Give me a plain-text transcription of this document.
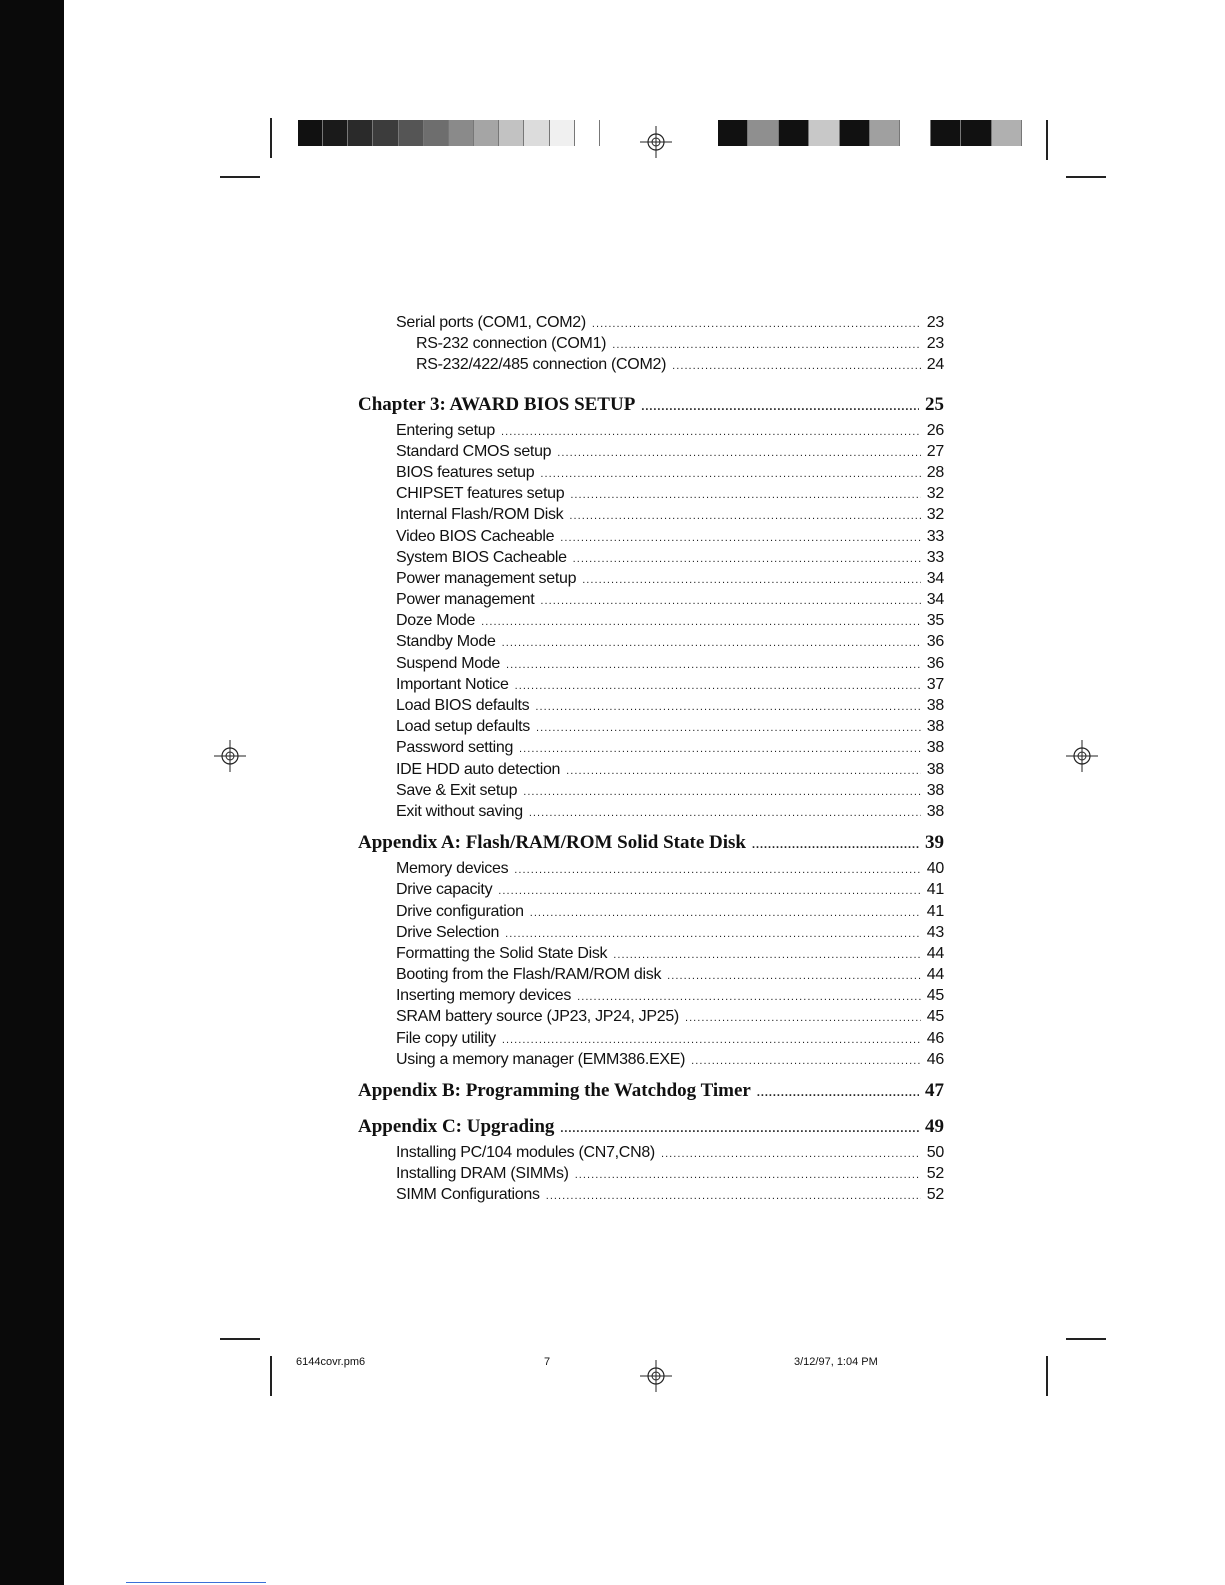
Serial ports (COM1, COM2) . . .	23
RS-232 connection (COM1) . . .	23
RS-232/422/485 connection (COM2) . . .	24
Chapter 3: AWARD BIOS SETUP . . .	25
Entering setup . . .	26
Standard CMOS setup . . .	27
BIOS features setup . . .	28
CHIPSET features setup . . .	32
Internal Flash/ROM Disk . . .	32
Video BIOS Cacheable . . .	33
System BIOS Cacheable . . .	33
Power management setup . . .	34
Power management . . .	34
Doze Mode . . .	35
Standby Mode . . .	36
Suspend Mode . . .	36
Important Notice . . .	37
Load BIOS defaults . . .	38
Load setup defaults . . .	38
Password setting . . .	38
IDE HDD auto detection . . .	38
Save & Exit setup . . .	38
Exit without saving . . .	38
Appendix A: Flash/RAM/ROM Solid State Disk . . .	39
Memory devices . . .	40
Drive capacity . . .	41
Drive configuration . . .	41
Drive Selection . . .	43
Formatting the Solid State Disk . . .	44
Booting from the Flash/RAM/ROM disk . . .	44
Inserting memory devices . . .	45
SRAM battery source (JP23, JP24, JP25) . . .	45
File copy utility . . .	46
Using a memory manager (EMM386.EXE) . . .	46
Appendix B: Programming the Watchdog Timer . . .	47
Appendix C: Upgrading . . .	49
Installing PC/104 modules (CN7,CN8) . . .	50
Installing DRAM (SIMMs) . . .	52
SIMM Configurations . . .	52
6144covr.pm6	7	3/12/97, 1:04 PM
